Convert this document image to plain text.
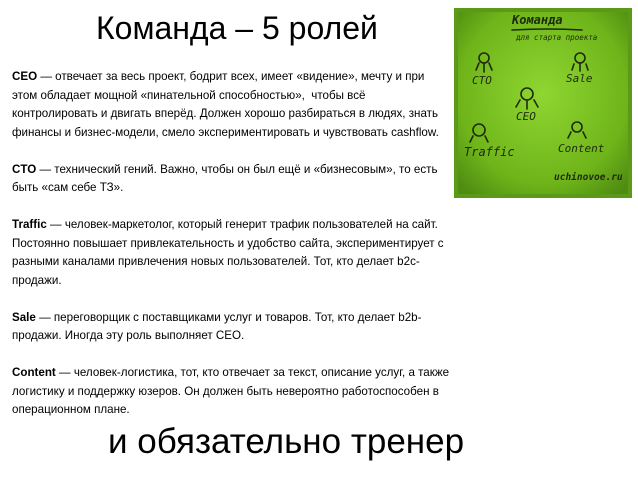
Команда – 5 ролей

CEO — отвечает за весь проект, бодрит всех, имеет «видение», мечту и при этом обладает мощной «пинательной способностью»,  чтобы всё контролировать и двигать вперёд. Должен хорошо разбираться в людях, знать финансы и бизнес-модели, смело экспериментировать и чувствовать cashflow.

CTO — технический гений. Важно, чтобы он был ещё и «бизнесовым», то есть быть «сам себе ТЗ».

Traffic — человек-маркетолог, который генерит трафик пользователей на сайт. Постоянно повышает привлекательность и удобство сайта, экспериментирует с разными каналами привлечения новых пользователей. Тот, кто делает b2c-продажи.

Sale — переговорщик с поставщиками услуг и товаров. Тот, кто делает b2b-продажи. Иногда эту роль выполняет CEO.

Content — человек-логистика, тот, кто отвечает за текст, описание услуг, а также логистику и поддержку юзеров. Он должен быть невероятно работоспособен в операционном плане.

Команда
для старта проекта
CTO	Sale
CEO
Traffic	Content
uchinovoe.ru
и обязательно тренер
